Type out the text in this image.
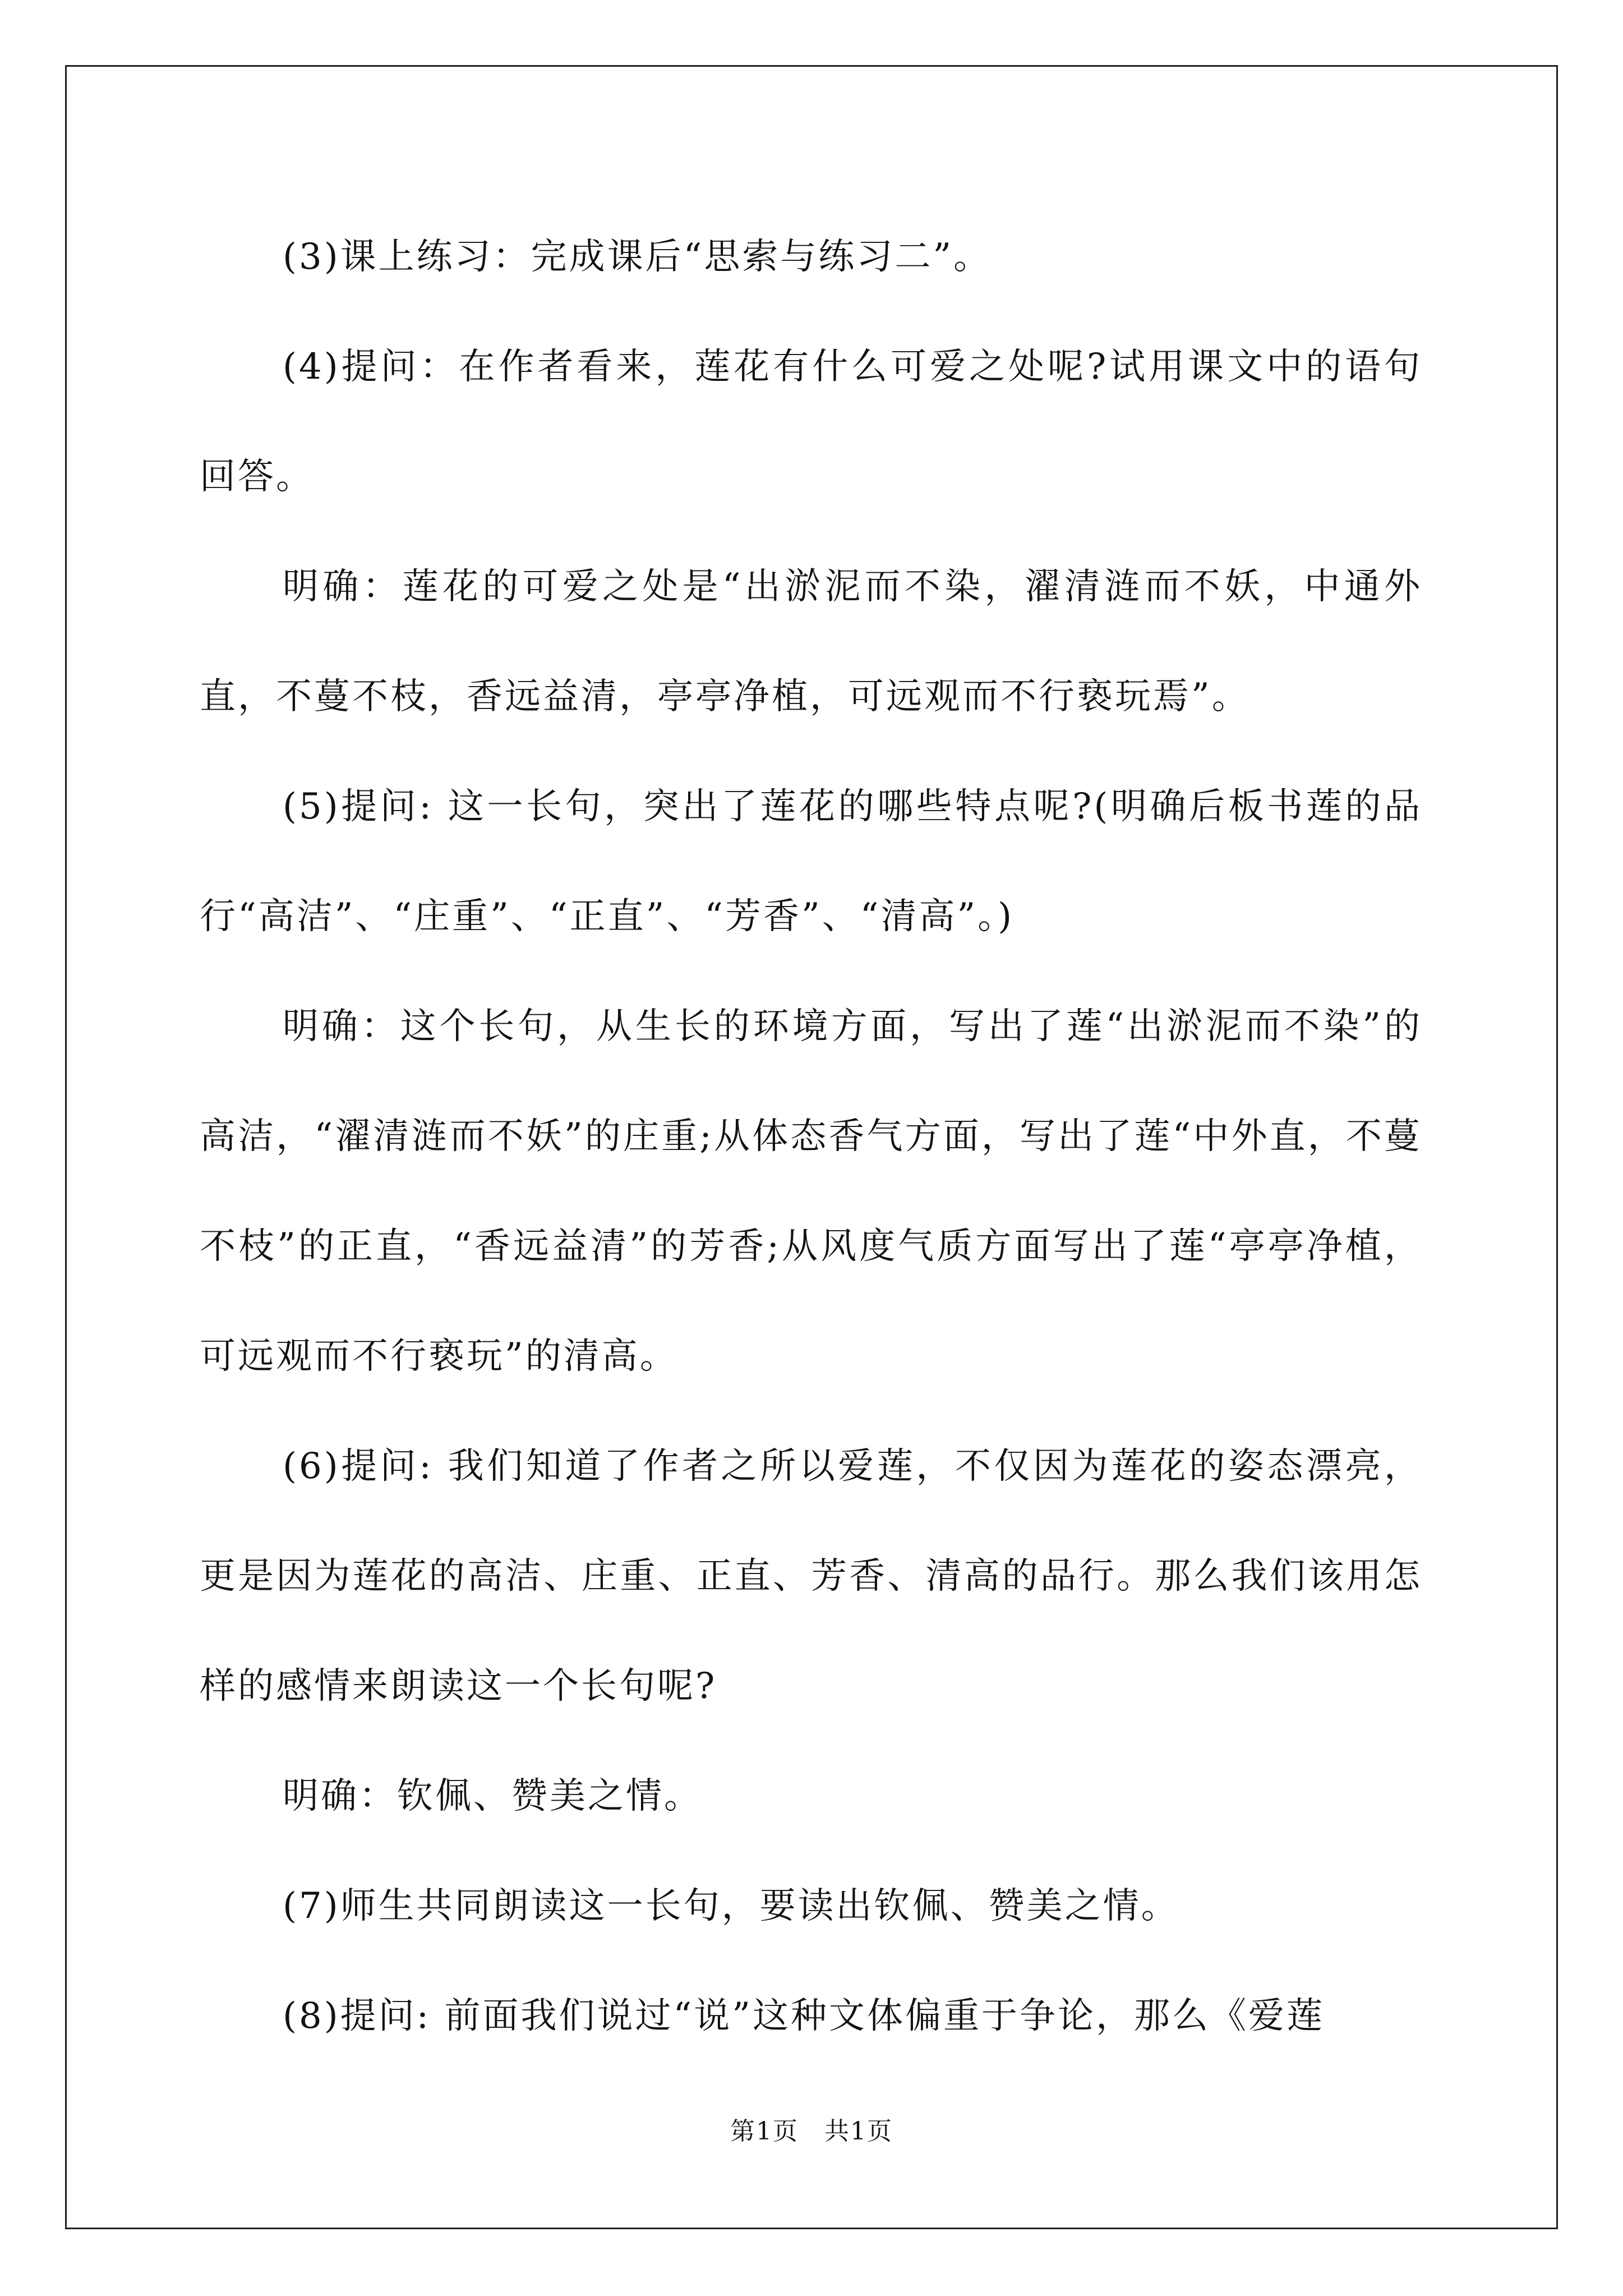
(3)课上练习：完成课后“思索与练习二”。

(4)提问：在作者看来，莲花有什么可爱之处呢?试用课文中的语句回答。

明确：莲花的可爱之处是“出淤泥而不染，濯清涟而不妖，中通外直，不蔓不枝，香远益清，亭亭净植，可远观而不行亵玩焉”。

(5)提问: 这一长句，突出了莲花的哪些特点呢?(明确后板书莲的品行“高洁”、“庄重”、“正直”、“芳香”、“清高”。)

明确：这个长句，从生长的环境方面，写出了莲“出淤泥而不染”的高洁，“濯清涟而不妖”的庄重;从体态香气方面，写出了莲“中外直，不蔓不枝”的正直，“香远益清”的芳香;从风度气质方面写出了莲“亭亭净植，可远观而不行亵玩”的清高。

(6)提问: 我们知道了作者之所以爱莲，不仅因为莲花的姿态漂亮，更是因为莲花的高洁、庄重、正直、芳香、清高的品行。那么我们该用怎样的感情来朗读这一个长句呢?

明确：钦佩、赞美之情。

(7)师生共同朗读这一长句，要读出钦佩、赞美之情。

(8)提问: 前面我们说过“说”这种文体偏重于争论，那么《爱莲

第1页　共1页
